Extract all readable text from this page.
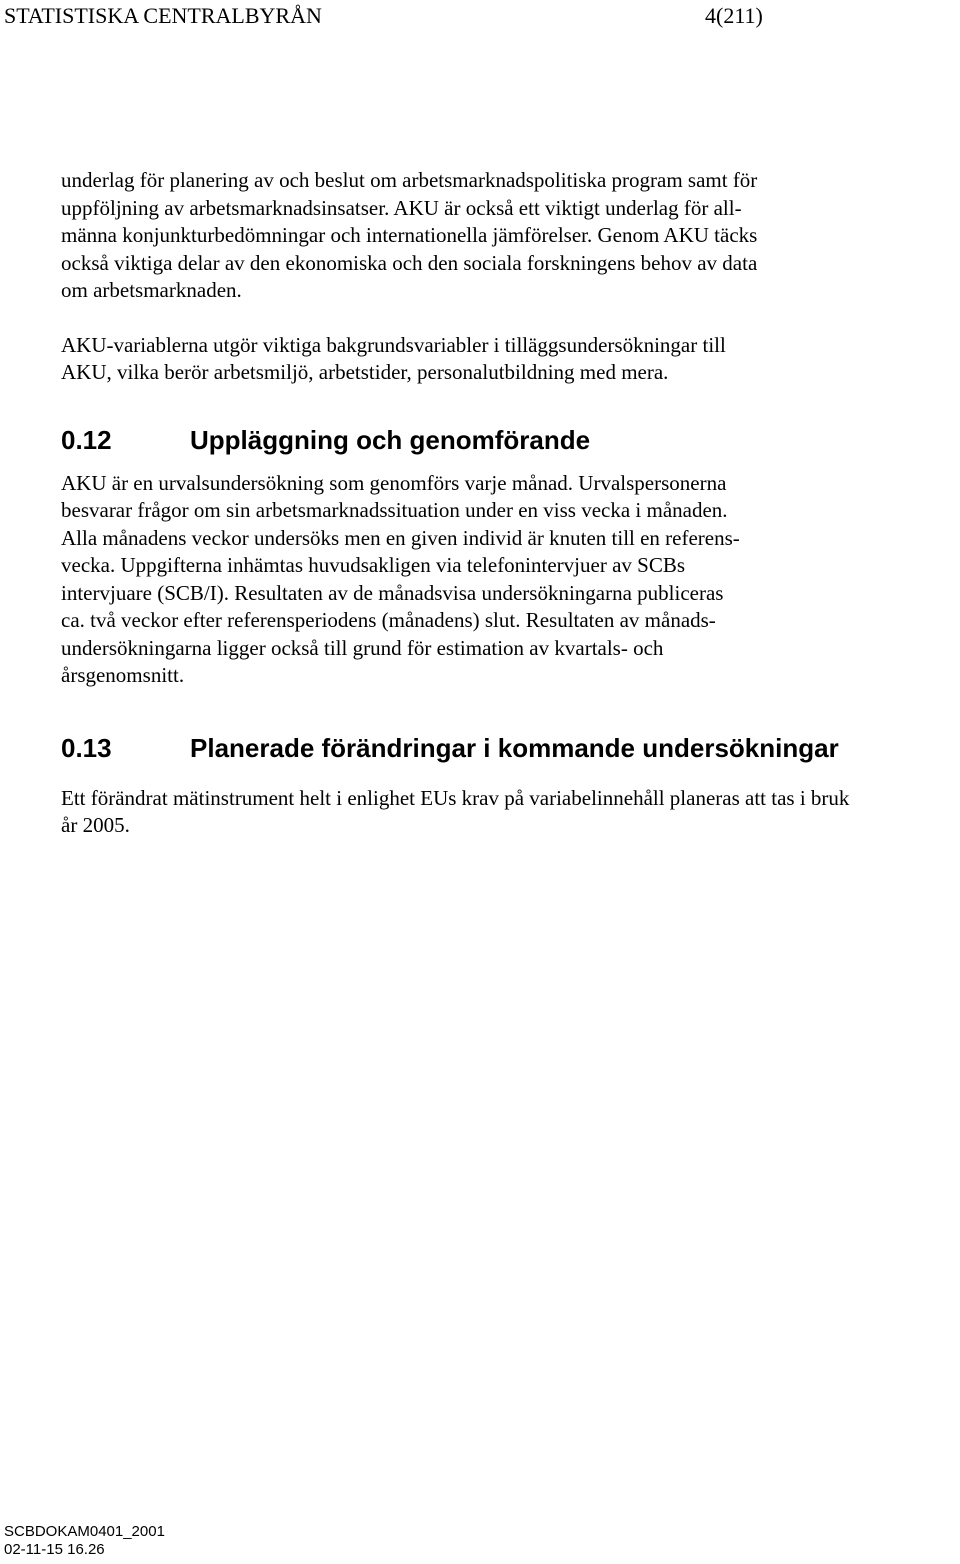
STATISTISKA CENTRALBYRÅN	4(211)
underlag för planering av och beslut om arbetsmarknadspolitiska program samt för
uppföljning av arbetsmarknadsinsatser. AKU är också ett viktigt underlag för all-
männa konjunkturbedömningar och internationella jämförelser. Genom AKU täcks
också viktiga delar av den ekonomiska och den sociala forskningens behov av data
om arbetsmarknaden.
AKU-variablerna utgör viktiga bakgrundsvariabler i tilläggsundersökningar till
AKU, vilka berör arbetsmiljö, arbetstider, personalutbildning med mera.
0.12	Uppläggning och genomförande
AKU är en urvalsundersökning som genomförs varje månad. Urvalspersonerna
besvarar frågor om sin arbetsmarknadssituation under en viss vecka i månaden.
Alla månadens veckor undersöks men en given individ är knuten till en referens-
vecka. Uppgifterna inhämtas huvudsakligen via telefonintervjuer av SCBs
intervjuare (SCB/I). Resultaten av de månadsvisa undersökningarna publiceras
ca. två veckor efter referensperiodens (månadens) slut. Resultaten av månads-
undersökningarna ligger också till grund för estimation av kvartals- och
årsgenomsnitt.
0.13	Planerade förändringar i kommande undersökningar
Ett förändrat mätinstrument helt i enlighet EUs krav på variabelinnehåll planeras att tas i bruk
år 2005.
SCBDOKAM0401_2001
02-11-15 16.26
